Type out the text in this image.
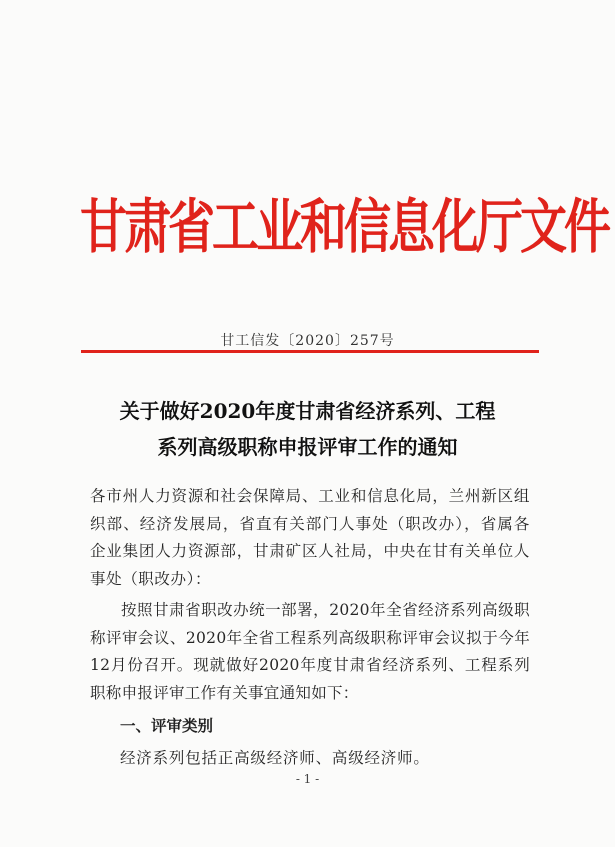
甘肃省工业和信息化厅文件
甘工信发〔2020〕257号
关于做好2020年度甘肃省经济系列、工程
系列高级职称申报评审工作的通知
各市州人力资源和社会保障局、工业和信息化局，兰州新区组织部、经济发展局，省直有关部门人事处（职改办），省属各企业集团人力资源部，甘肃矿区人社局，中央在甘有关单位人事处（职改办）：
按照甘肃省职改办统一部署，2020年全省经济系列高级职称评审会议、2020年全省工程系列高级职称评审会议拟于今年12月份召开。现就做好2020年度甘肃省经济系列、工程系列职称申报评审工作有关事宜通知如下：
一、评审类别
经济系列包括正高级经济师、高级经济师。
- 1 -
